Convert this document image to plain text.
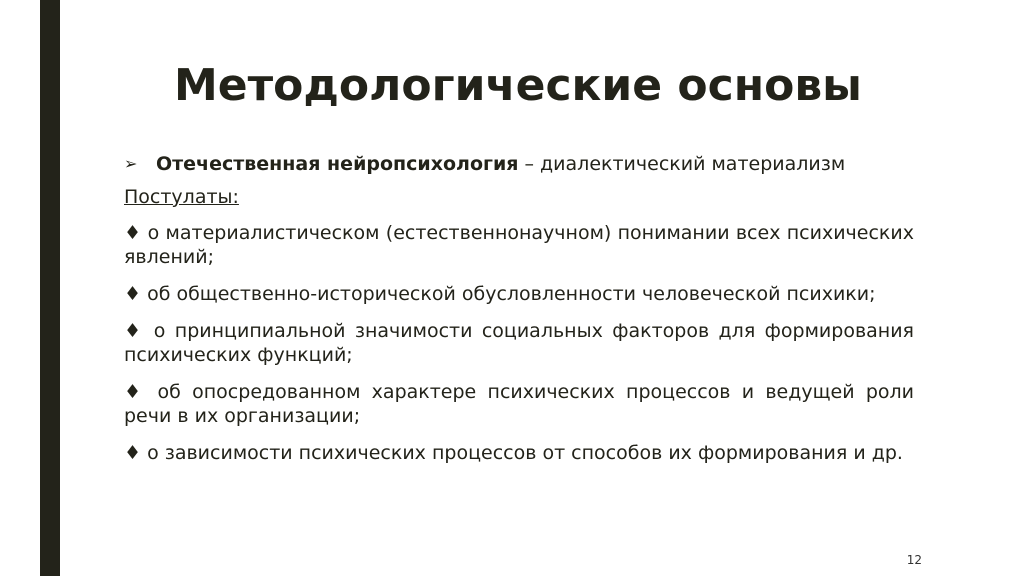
Методологические основы
➢ Отечественная нейропсихология – диалектический материализм
Постулаты:
♦ о материалистическом (естественнонаучном) понимании всех психических явлений;
♦ об общественно-исторической обусловленности человеческой психики;
♦ о принципиальной значимости социальных факторов для формирования психических функций;
♦ об опосредованном характере психических процессов и ведущей роли речи в их организации;
♦ о зависимости психических процессов от способов их формирования и др.
12
